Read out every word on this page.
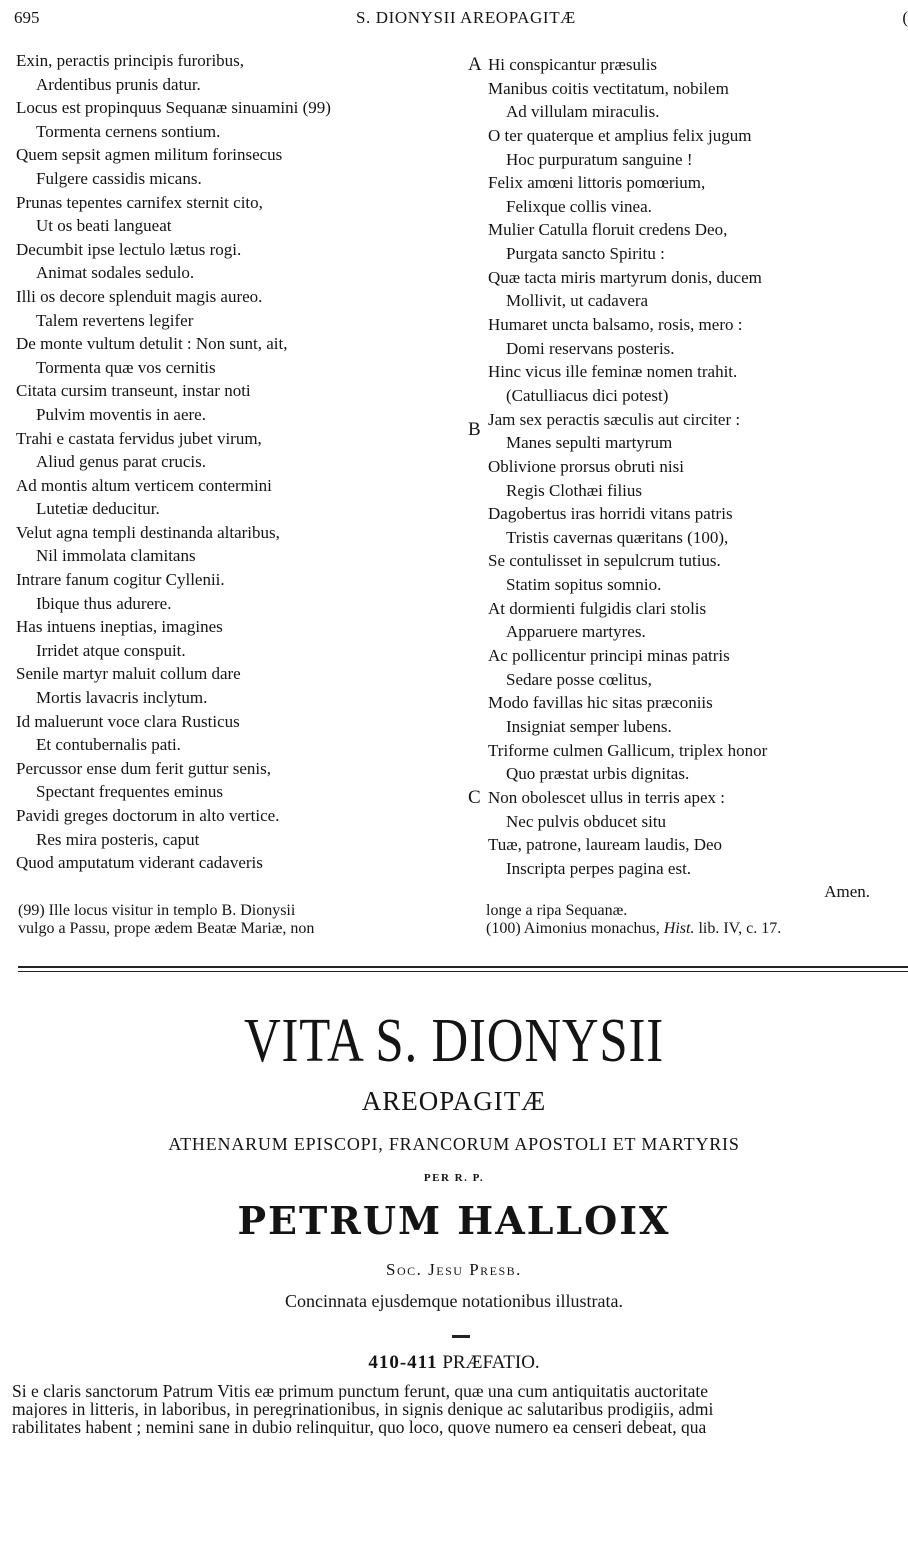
695	S. DIONYSII AREOPAGITÆ	(
Exin, peractis principis furoribus,
Ardentibus prunis datur.
Locus est propinquus Sequanæ sinuamini (99)
Tormenta cernens sontium.
Quem sepsit agmen militum forinsecus
Fulgere cassidis micans.
Prunas tepentes carnifex sternit cito,
Ut os beati langueat
Decumbit ipse lectulo lætus rogi.
Animat sodales sedulo.
Illi os decore splenduit magis aureo.
Talem revertens legifer
De monte vultum detulit : Non sunt, ait,
Tormenta quæ vos cernitis
Citata cursim transeunt, instar noti
Pulvim moventis in aere.
Trahi e castata fervidus jubet virum,
Aliud genus parat crucis.
Ad montis altum verticem contermini
Lutetiæ deducitur.
Velut agna templi destinanda altaribus,
Nil immolata clamitans
Intrare fanum cogitur Cyllenii.
Ibique thus adurere.
Has intuens ineptias, imagines
Irridet atque conspuit.
Senile martyr maluit collum dare
Mortis lavacris inclytum.
Id maluerunt voce clara Rusticus
Et contubernalis pati.
Percussor ense dum ferit guttur senis,
Spectant frequentes eminus
Pavidi greges doctorum in alto vertice.
Res mira posteris, caput
Quod amputatum viderant cadaveris
A Hi conspicantur præsulis
Manibus coitis vectitatum, nobilem
Ad villulam miraculis.
O ter quaterque et amplius felix jugum
Hoc purpuratum sanguine !
Felix amœni littoris pomœrium,
Felixque collis vinea.
Mulier Catulla floruit credens Deo,
Purgata sancto Spiritu :
Quæ tacta miris martyrum donis, ducem
Mollivit, ut cadavera
Humaret uncta balsamo, rosis, mero :
Domi reservans posteris.
Hinc vicus ille feminæ nomen trahit.
(Catulliacus dici potest)
B Jam sex peractis sæculis aut circiter :
Manes sepulti martyrum
Oblivione prorsus obruti nisi
Regis Clothæi filius
Dagobertus iras horridi vitans patris
Tristis cavernas quæritans (100),
Se contulisset in sepulcrum tutius.
Statim sopitus somnio.
At dormienti fulgidis clari stolis
Apparuere martyres.
Ac pollicentur principi minas patris
Sedare posse cœlitus,
Modo favillas hic sitas præconiis
Insigniat semper lubens.
Triforme culmen Gallicum, triplex honor
Quo præstat urbis dignitas.
C Non obolescet ullus in terris apex :
Nec pulvis obducet situ
Tuæ, patrone, lauream laudis, Deo
Inscripta perpes pagina est.
Amen.
(99) Ille locus visitur in templo B. Dionysii
vulgo a Passu, prope ædem Beatæ Mariæ, non
longe a ripa Sequanæ.
(100) Aimonius monachus, Hist. lib. IV, c. 17.
VITA S. DIONYSII
AREOPAGITÆ
ATHENARUM EPISCOPI, FRANCORUM APOSTOLI ET MARTYRIS
PER R. P.
PETRUM HALLOIX
Soc. Jesu Presb.
Concinnata ejusdemque notationibus illustrata.
410-411 PRÆFATIO.
Si e claris sanctorum Patrum Vitis eæ primum punctum ferunt, quæ una cum antiquitatis auctoritate
majores in litteris, in laboribus, in peregrinationibus, in signis denique ac salutaribus prodigiis, admi
rabilitates habent ; nemini sane in dubio relinquitur, quo loco, quove numero ea censeri debeat, qua
